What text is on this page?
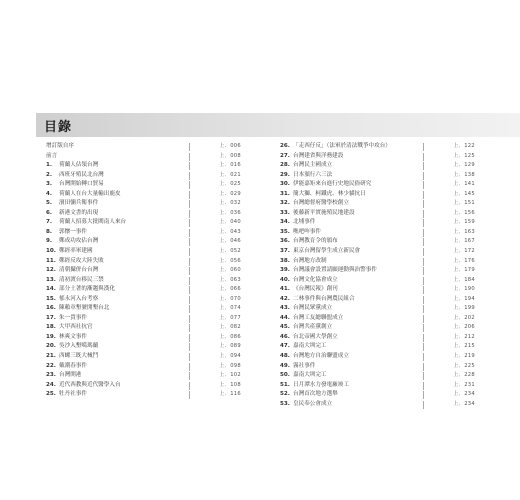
目錄
增訂版自序	上．006
前言	上．008
1.	荷蘭人佔領台灣	上．016
2.	西班牙殖民北台灣	上．021
3.	台灣開始轉口貿易	上．025
4.	荷蘭人在台大量輸出鹿皮	上．029
5.	濱田彌兵衛事件	上．032
6.	新港文書的出現	上．036
7.	荷蘭人招募大批閩南人來台	上．040
8.	郭懷一事件	上．043
9.	鄭成功攻佔台灣	上．046
10. 鄭經率軍建國	上．052
11. 鄭經反攻大陸失敗	上．056
12. 清朝攝併台台灣	上．060
13. 清初渡台移民三禁	上．063
14. 部分土著的漸趨與漢化	上．066
15. 郁永河入台考察	上．070
16. 陳賴章墾號開墾台北	上．074
17. 朱一貴事件	上．077
18. 大甲西社抗官	上．082
19. 林爽文事件	上．086
20. 吳沙入墾噶瑪蘭	上．089
21. 西螺三既大械鬥	上．094
22. 戴潮春事件	上．098
23. 台灣開港	上．102
24. 近代西教與近代醫學入台	上．108
25. 牡丹社事件	上．116
26. 「走西仔反」（法軍於清法戰爭中攻台）	上．122
27. 台灣建省與洋務建設	上．125
28. 台灣民主國成立	上．129
29. 日本頒行六三法	上．138
30. 伊能嘉矩來台進行史地民俗研究	上．141
31. 簡大獅、柯鐵虎、林少貓抗日	上．145
32. 台灣總督府醫學校創立	上．151
33. 後藤新平實施殖民地建設	上．156
34. 北埔事件	上．159
35. 噍吧哖事件	上．163
36. 台灣教育令的頒布	上．167
37. 東京台灣留學生成立新民會	上．172
38. 台灣地方改制	上．176
39. 台灣議會設置請願運動與治警事件	上．179
40. 台灣文化協會成立	上．184
41. 《台灣民報》創刊	上．190
42. 二林事件與台灣農民組合	上．194
43. 台灣民眾黨成立	上．199
44. 台灣工友總聯盟成立	上．202
45. 台灣共產黨創立	上．206
46. 台北帝國大學創立	上．212
47. 嘉南大圳完工	上．215
48. 台灣地方自治聯盟成立	上．219
49. 霧社事件	上．225
50. 嘉南大圳完工	上．228
51. 日月潭水力發電廠竣工	上．231
52. 台灣首次地方選舉	上．234
53. 皇民奉公會成立	上．234
